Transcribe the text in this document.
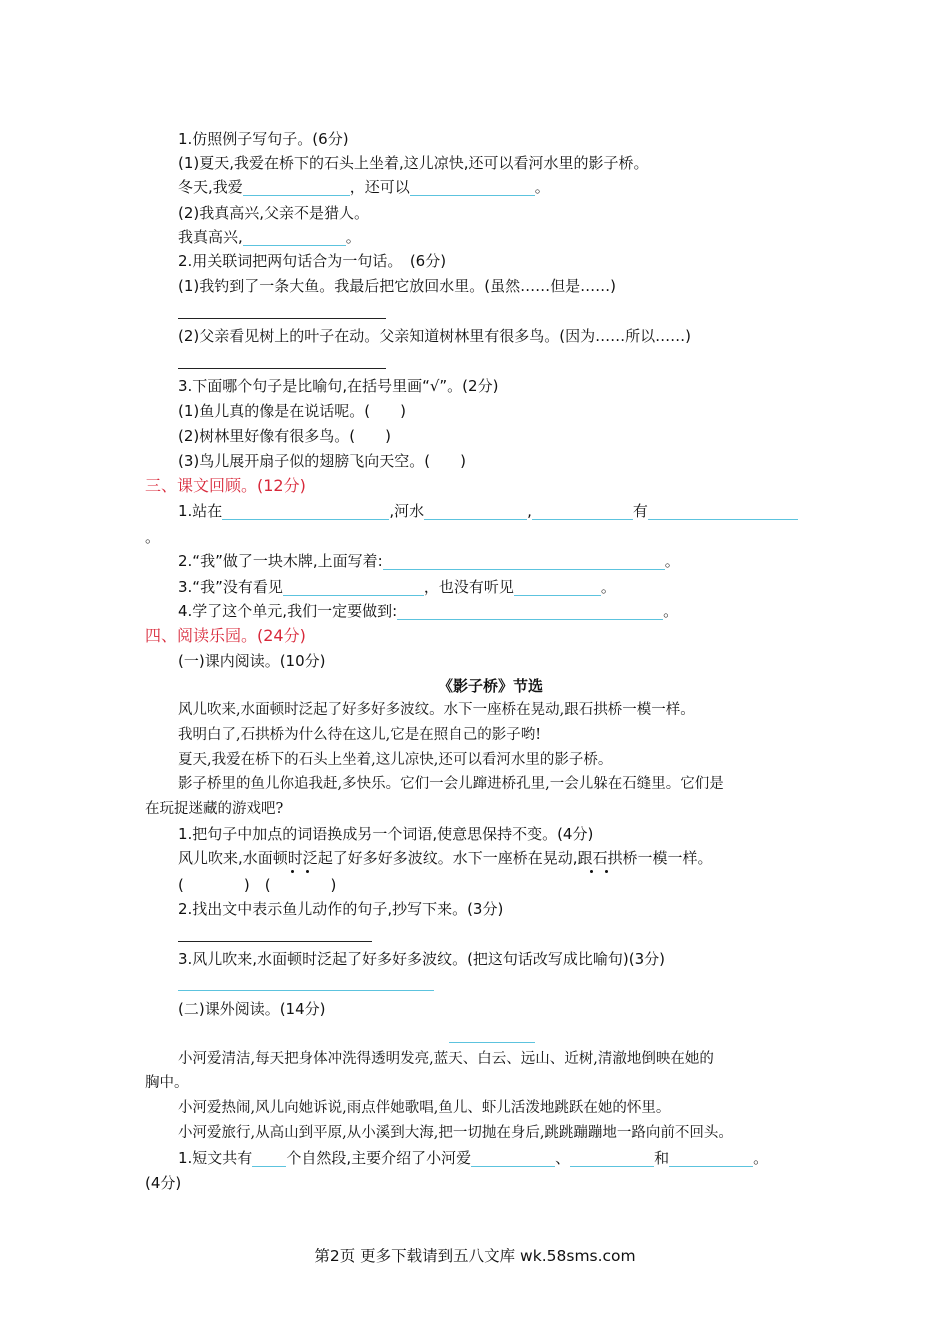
1.仿照例子写句子。(6分)
(1)夏天,我爱在桥下的石头上坐着,这儿凉快,还可以看河水里的影子桥。
冬天,我爱	，还可以	。
(2)我真高兴,父亲不是猎人。
我真高兴,	。
2.用关联词把两句话合为一句话。　(6分)
(1)我钓到了一条大鱼。我最后把它放回水里。(虽然……但是……)
(2)父亲看见树上的叶子在动。父亲知道树林里有很多鸟。(因为……所以……)
3.下面哪个句子是比喻句,在括号里画“√”。(2分)
(1)鱼儿真的像是在说话呢。(　　)
(2)树林里好像有很多鸟。(　　)
(3)鸟儿展开扇子似的翅膀飞向天空。(　　)
三、课文回顾。(12分)
1.站在	,河水	,	有
。
2.“我”做了一块木牌,上面写着:	。
3.“我”没有看见	，也没有听见	。
4.学了这个单元,我们一定要做到:	。
四、阅读乐园。(24分)
(一)课内阅读。(10分)
《影子桥》节选
风儿吹来,水面顿时泛起了好多好多波纹。水下一座桥在晃动,跟石拱桥一模一样。
我明白了,石拱桥为什么待在这儿,它是在照自己的影子哟!
夏天,我爱在桥下的石头上坐着,这儿凉快,还可以看河水里的影子桥。
影子桥里的鱼儿你追我赶,多快乐。它们一会儿蹿进桥孔里,一会儿躲在石缝里。它们是
在玩捉迷藏的游戏吧?
1.把句子中加点的词语换成另一个词语,使意思保持不变。(4分)
风儿吹来,水面顿时泛起了好多好多波纹。水下一座桥在晃动,跟石拱桥一模一样。
(　　　　)　(　　　　)
2.找出文中表示鱼儿动作的句子,抄写下来。(3分)
3.风儿吹来,水面顿时泛起了好多好多波纹。(把这句话改写成比喻句)(3分)
(二)课外阅读。(14分)
小河爱清洁,每天把身体冲洗得透明发亮,蓝天、白云、远山、近树,清澈地倒映在她的
胸中。
小河爱热闹,风儿向她诉说,雨点伴她歌唱,鱼儿、虾儿活泼地跳跃在她的怀里。
小河爱旅行,从高山到平原,从小溪到大海,把一切抛在身后,跳跳蹦蹦地一路向前不回头。
1.短文共有 个自然段,主要介绍了小河爱	、	和	。
(4分)
第2页 更多下载请到五八文库 wk.58sms.com
